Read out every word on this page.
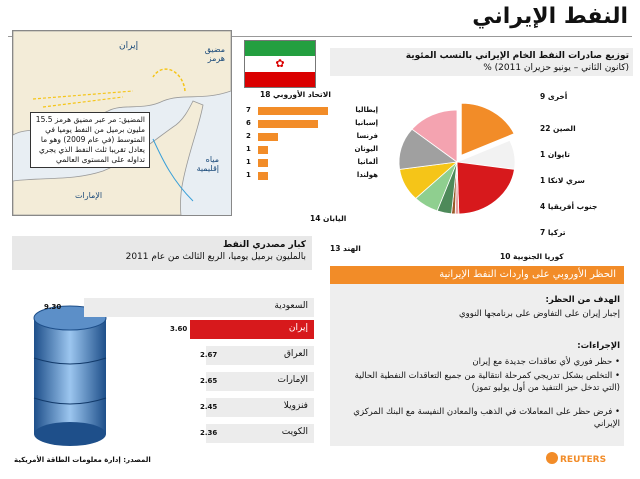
النفط الإيراني
إيران	مضيق هرمز
الإمارات
مياه إقليمية
المضيق: مر عبر مضيق هرمز 15.5 مليون برميل من النفط يوميا في المتوسط (في عام 2009) وهو ما يعادل تقريبا ثلث النفط الذي يجري تداوله على المستوى العالمي
✿
توزيع صادرات النفط الخام الإيراني بالنسب المئوية
(كانون الثاني – يونيو حزيران 2011) %
الاتحاد الأوروبي 18	أخرى 9
الصين 22
تايوان 1
سري لانكا 1
جنوب أفريقيا 4
تركيا 7
كوريا الجنوبية 10
الهند 13
اليابان 14
7	إيطاليا
6	إسبانيا
2	فرنسا
1	اليونان
1	ألمانيا
1	هولندا
كبار مصدري النفط
بالمليون برميل يوميا، الربع الثالث من عام 2011
السعودية
9.30
إيران
3.60
العراق
2.67
الإمارات
2.65
فنزويلا
2.45
الكويت
2.36
الحظر الأوروبي على واردات النفط الإيرانية
الهدف من الحظر:
إجبار إيران على التفاوض على برنامجها النووي
الإجراءات:
• حظر فوري لأي تعاقدات جديدة مع إيران
• التخلص بشكل تدريجي كمرحلة انتقالية من جميع التعاقدات النفطية الحالية (التي تدخل حيز التنفيذ من أول يوليو تموز)
• فرض حظر على المعاملات في الذهب والمعادن النفيسة مع البنك المركزي الإيراني
المصدر: إدارة معلومات الطاقة الأمريكية	REUTERS
